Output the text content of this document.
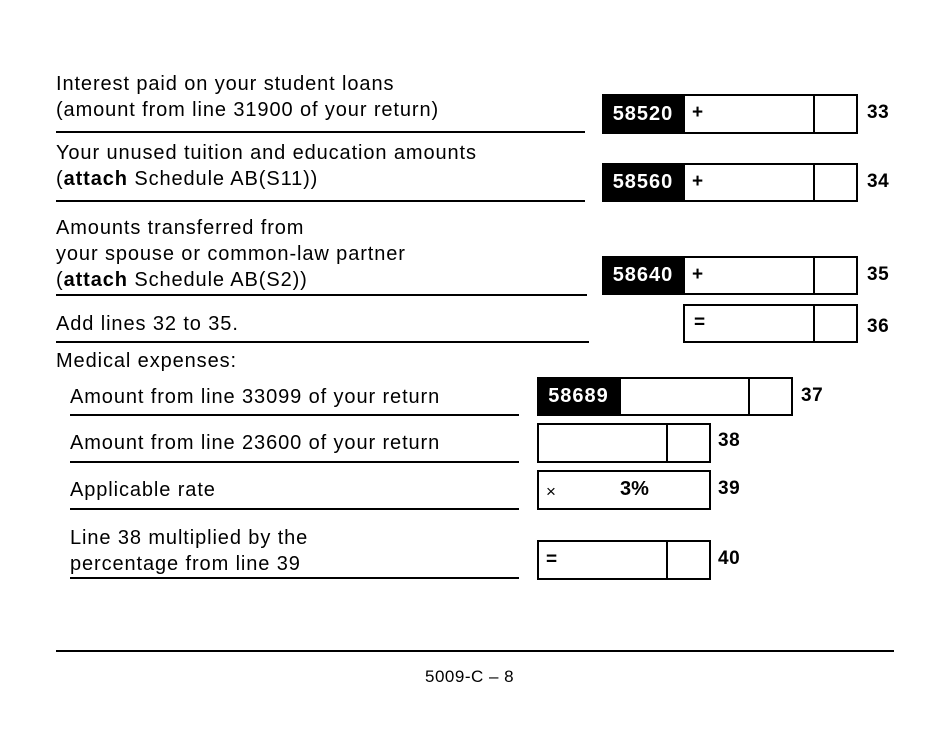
Interest paid on your student loans
(amount from line 31900 of your return)	58520 +	33
Your unused tuition and education amounts
(attach Schedule AB(S11))	58560 +	34
Amounts transferred from
your spouse or common-law partner
(attach Schedule AB(S2))	58640 +	35
Add lines 32 to 35.	=	36
Medical expenses:
Amount from line 33099 of your return	58689	37
Amount from line 23600 of your return	38
Applicable rate	×	3%	39
Line 38 multiplied by the
percentage from line 39	=	40
5009-C – 8
